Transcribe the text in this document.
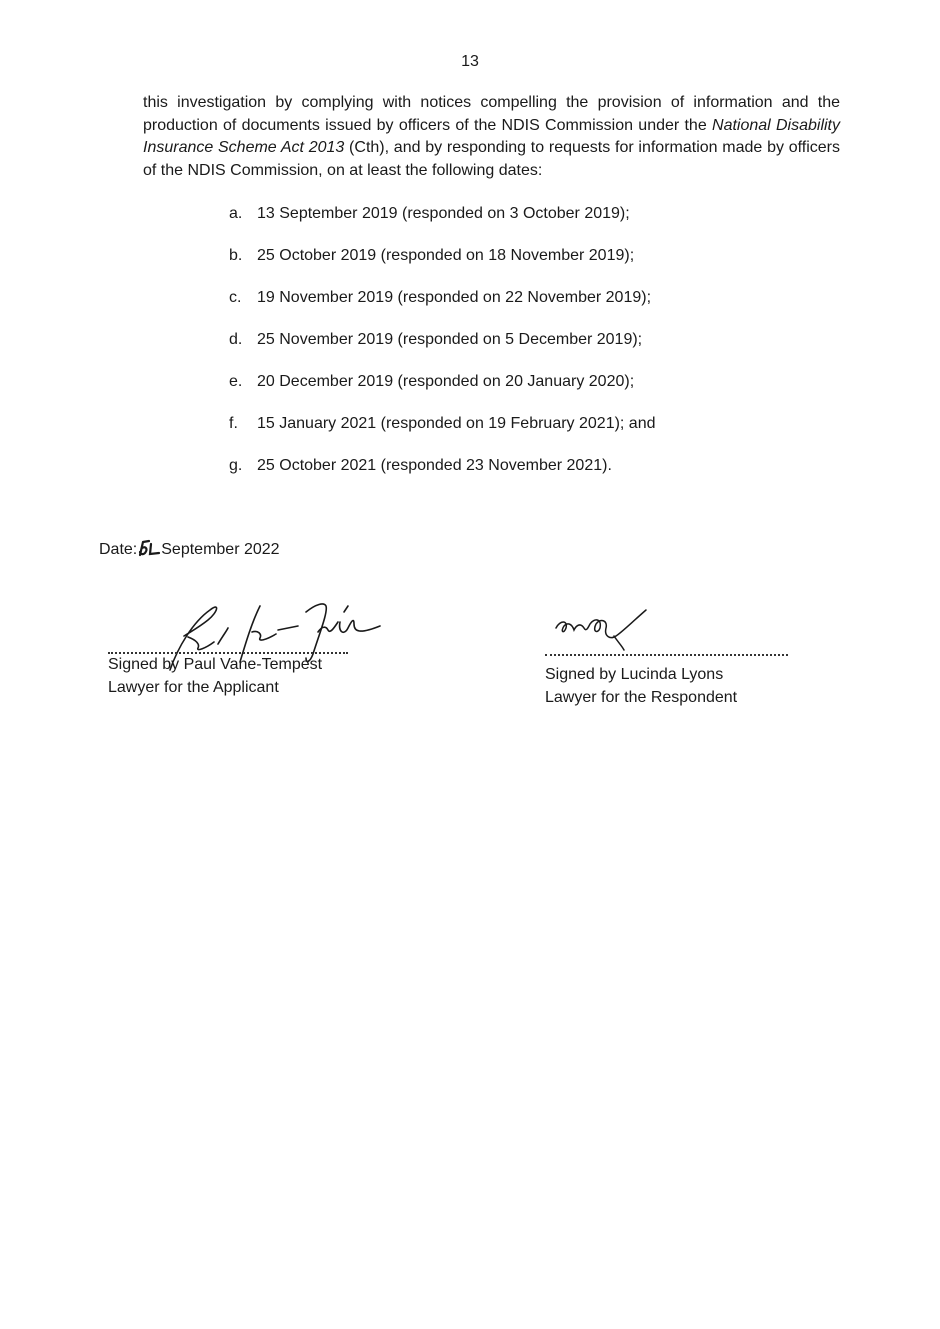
13

this investigation by complying with notices compelling the provision of information and the production of documents issued by officers of the NDIS Commission under the National Disability Insurance Scheme Act 2013 (Cth), and by responding to requests for information made by officers of the NDIS Commission, on at least the following dates:

a. 13 September 2019 (responded on 3 October 2019);
b. 25 October 2019 (responded on 18 November 2019);
c. 19 November 2019 (responded on 22 November 2019);
d. 25 November 2019 (responded on 5 December 2019);
e. 20 December 2019 (responded on 20 January 2020);
f. 15 January 2021 (responded on 19 February 2021); and
g. 25 October 2021 (responded 23 November 2021).
Date: September 2022
Signed by Paul Vane-Tempest
Lawyer for the Applicant
Signed by Lucinda Lyons
Lawyer for the Respondent
